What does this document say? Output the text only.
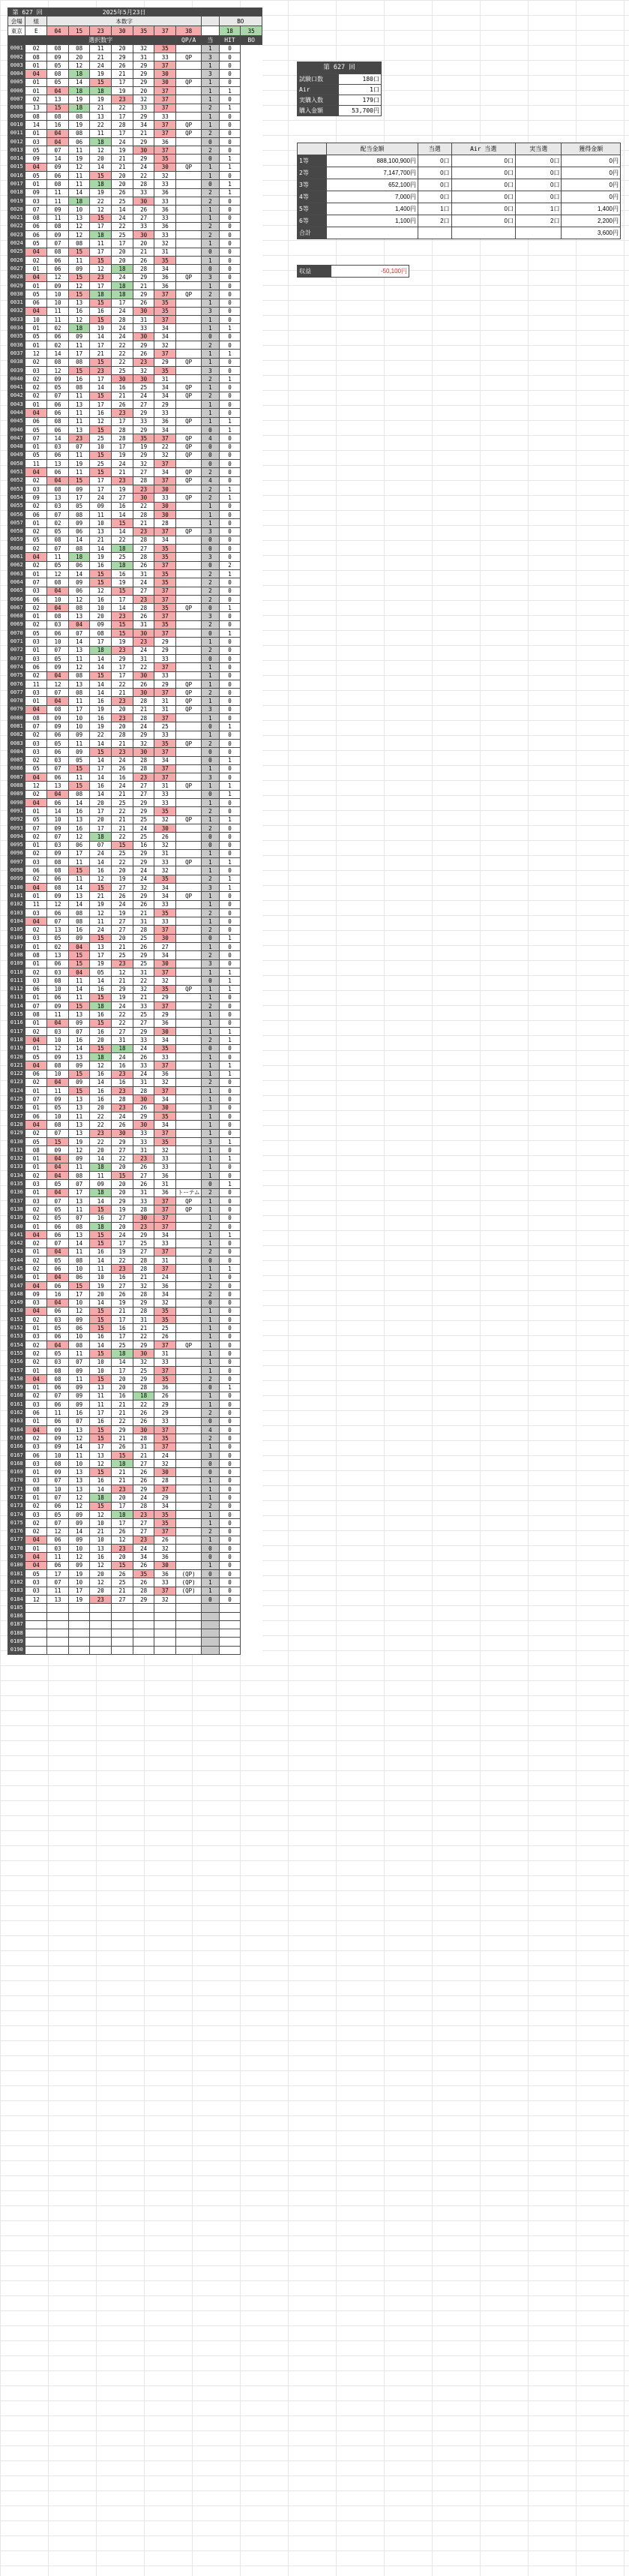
第 627 回		2025年5月23日									
会場	組	本数字								BO	
東京	E	04	15	23	30	35	37	38		18	35
	選択数字							QP/A	当	HIT	BO
0001	02	08	08	11	20	32	35		1	0	
0002	08	09	20	21	29	31	33	QP	3	0	
0003	01	05	12	24	26	29	37		1	0	
0004	04	08	18	19	21	29	30		3	0	
0005	01	05	14	15	17	29	30	QP	1	0	
0006	01	04	18	18	19	20	37		1	1	
0007	02	13	19	19	23	32	37		1	0	
0008	13	15	18	21	22	33	37		2	1	
0009	08	08	08	13	17	29	33		1	0	
0010	14	16	19	22	28	34	37	QP	1	0	
0011	01	04	08	11	17	21	37	QP	2	0	
0012	03	04	06	18	24	29	36		0	0	
0013	05	07	11	12	19	30	37		2	0	
0014	09	14	19	20	21	29	35		0	1	
0015	04	09	12	14	21	24	30	QP	1	1	
0016	05	06	11	15	20	22	32		1	0	
0017	01	08	11	18	20	28	33		0	1	
0018	09	11	14	19	26	33	36		2	1	
0019	03	11	18	22	25	30	33		2	0	
0020	07	09	10	12	14	26	36		1	0	
0021	08	11	13	15	24	27	33		1	0	
0022	06	08	12	17	22	33	36		2	0	
0023	06	09	12	18	25	30	33		2	0	
0024	05	07	08	11	17	20	32		1	0	
0025	04	08	15	17	20	21	31		0	0	
0026	02	06	11	15	20	26	35		1	0	
0027	01	06	09	12	18	28	34		0	0	
0028	04	12	15	23	24	29	36	QP	3	0	
0029	01	09	12	17	18	21	36		1	0	
0030	05	10	15	18	18	29	37	QP	2	0	
0031	06	10	13	15	17	26	35		1	0	
0032	04	11	16	16	24	30	35		3	0	
0033	10	11	12	15	28	31	37		1	0	
0034	01	02	18	19	24	33	34		1	1	
0035	05	06	09	14	24	30	34		0	0	
0036	01	02	11	17	22	29	32		2	0	
0037	12	14	17	21	22	26	37		1	1	
0038	02	08	08	15	22	23	29	QP	1	0	
0039	03	12	15	23	25	32	35		3	0	
0040	02	09	16	17	30	30	31		2	1	
0041	02	05	08	14	16	25	34	QP	1	0	
0042	02	07	11	15	21	24	34	QP	2	0	
0043	01	06	13	17	26	27	29		1	0	
0044	04	06	11	16	23	29	33		1	0	
0045	06	08	11	12	17	33	36	QP	1	1	
0046	05	06	13	15	28	29	34		0	1	
0047	07	14	23	25	28	35	37	QP	4	0	
0048	01	03	07	10	17	19	22	QP	0	0	
0049	05	06	11	15	19	29	32	QP	0	0	
0050	11	13	19	25	24	32	37		0	0	
0051	04	06	11	15	21	27	34	QP	2	0	
0052	02	04	15	17	23	28	37	QP	4	0	
0053	03	08	09	17	19	23	30		2	1	
0054	09	13	17	24	27	30	33	QP	2	1	
0055	02	03	05	09	16	22	30		1	0	
0056	06	07	08	11	14	28	30		1	0	
0057	01	02	09	10	15	21	28		1	0	
0058	02	05	06	13	14	23	37	QP	3	0	
0059	05	08	14	21	22	28	34		0	0	
0060	02	07	08	14	18	27	35		0	0	
0061	04	11	18	19	25	28	35		3	0	
0062	02	05	06	16	18	26	37		0	2	
0063	01	12	14	15	16	31	35		2	1	
0064	07	08	09	15	19	24	35		2	0	
0065	03	04	06	12	15	27	37		2	0	
0066	06	10	12	16	17	23	37		2	0	
0067	02	04	08	10	14	28	35	QP	0	1	
0068	01	08	13	20	23	26	37		3	0	
0069	02	03	04	09	15	31	35		2	0	
0070	05	06	07	08	15	30	37		0	1	
0071	03	10	14	17	19	23	29		1	0	
0072	01	07	13	18	23	24	29		2	0	
0073	03	05	11	14	29	31	33		0	0	
0074	06	09	12	14	17	22	37		1	0	
0075	02	04	08	15	17	30	33		1	0	
0076	11	12	13	14	22	26	29	QP	1	0	
0077	03	07	08	14	21	30	37	QP	2	0	
0078	01	04	11	16	23	28	31	QP	1	0	
0079	04	08	17	19	20	21	31	QP	3	0	
0080	08	09	10	16	23	28	37		1	0	
0081	07	09	10	19	20	24	25		0	1	
0082	02	06	09	22	28	29	33		1	0	
0083	03	05	11	14	21	32	35	QP	2	0	
0084	03	06	09	15	23	30	37		0	0	
0085	02	03	05	14	24	28	34		0	1	
0086	05	07	15	17	26	28	37		1	0	
0087	04	06	11	14	16	23	37		3	0	
0088	12	13	15	16	24	27	31	QP	1	1	
0089	02	04	08	14	21	27	33		0	1	
0090	04	06	14	20	25	29	33		1	0	
0091	01	14	16	17	22	29	35		2	0	
0092	05	10	13	20	21	25	32	QP	1	1	
0093	07	09	16	17	21	24	30		2	0	
0094	02	07	12	18	22	25	26		0	0	
0095	01	03	06	07	15	16	32		0	0	
0096	02	09	17	24	25	29	31		1	0	
0097	03	08	11	14	22	29	33	QP	1	1	
0098	06	08	15	16	20	24	32		1	0	
0099	02	06	11	12	19	24	35		2	1	
0100	04	08	14	15	27	32	34		3	1	
0101	01	09	13	21	26	29	34	QP	1	0	
0102	11	12	14	19	24	26	33		1	0	
0103	03	06	08	12	19	21	35		2	0	
0104	04	07	08	11	27	31	33		1	0	
0105	02	13	16	24	27	28	37		2	0	
0106	03	05	09	15	20	25	30		0	1	
0107	01	02	04	13	21	26	27		1	0	
0108	08	13	15	17	25	29	34		2	0	
0109	01	06	15	19	23	25	30		3	0	
0110	02	03	04	05	12	31	37		1	1	
0111	03	08	11	14	21	22	32		0	1	
0112	06	10	14	16	29	32	35	QP	1	1	
0113	01	06	11	15	19	21	29		1	0	
0114	07	09	15	18	24	33	37		2	0	
0115	08	11	13	16	22	25	29		1	0	
0116	01	04	09	15	22	27	36		1	0	
0117	02	03	07	16	27	29	30		1	1	
0118	04	10	16	20	31	33	34		2	1	
0119	01	12	14	15	18	24	35		0	0	
0120	05	09	13	18	24	26	33		1	0	
0121	04	08	09	12	16	33	37		1	1	
0122	06	10	15	16	23	24	36		1	1	
0123	02	04	09	14	16	31	32		2	0	
0124	01	11	15	16	23	28	37		1	0	
0125	07	09	13	16	28	30	34		1	0	
0126	01	05	13	20	23	26	30		3	0	
0127	06	10	11	22	24	29	35		1	0	
0128	04	08	13	22	26	30	34		1	0	
0129	02	07	13	23	30	33	37		1	0	
0130	05	15	19	22	29	33	35		3	1	
0131	08	09	12	20	27	31	32		1	0	
0132	01	04	09	14	22	23	33		1	1	
0133	01	04	11	18	20	26	33		1	0	
0134	02	04	08	11	15	27	36		1	0	
0135	03	05	07	09	20	26	31		0	1	
0136	01	04	17	18	20	31	36	トーテム	2	0	
0137	03	07	13	14	29	33	37	QP	1	0	
0138	02	05	11	15	19	28	37	QP	1	0	
0139	02	05	07	16	27	30	37		1	0	
0140	01	06	08	18	20	23	37		2	0	
0141	04	06	13	15	24	29	34		1	1	
0142	02	07	14	15	17	25	33		1	0	
0143	01	04	11	16	19	27	37		2	0	
0144	02	05	08	14	22	28	31		0	0	
0145	02	06	10	11	23	28	37		1	1	
0146	01	04	06	10	16	21	24		1	0	
0147	04	06	15	19	27	32	36		2	0	
0148	09	16	17	20	26	28	34		2	0	
0149	03	04	10	14	19	29	32		0	0	
0150	04	06	12	15	21	28	35		1	0	
0151	02	03	09	15	17	31	35		1	0	
0152	01	05	06	15	16	21	25		1	0	
0153	03	06	10	16	17	22	26		1	0	
0154	02	04	08	14	25	29	37	QP	1	0	
0155	02	05	11	15	18	30	31		1	0	
0156	02	03	07	10	14	32	33		1	0	
0157	01	08	09	10	17	25	37		1	0	
0158	04	08	11	15	20	29	35		2	0	
0159	01	06	09	13	20	28	36		0	1	
0160	02	07	09	11	16	18	26		1	0	
0161	03	06	09	11	21	22	29		1	0	
0162	06	11	16	17	21	26	29		2	0	
0163	01	06	07	16	22	26	33		0	0	
0164	04	09	13	15	29	30	37		4	0	
0165	02	09	12	15	21	28	35		2	0	
0166	03	09	14	17	26	31	37		1	0	
0167	06	10	11	13	15	21	24		3	0	
0168	03	08	10	12	18	27	32		0	0	
0169	01	09	13	15	21	26	30		0	0	
0170	03	07	13	16	21	26	28		1	0	
0171	08	10	13	14	23	29	37		1	0	
0172	01	07	12	18	20	24	29		1	0	
0173	02	06	12	15	17	28	34		2	0	
0174	03	05	09	12	18	23	35		1	0	
0175	02	07	09	10	17	27	35		1	0	
0176	02	12	14	21	26	27	37		2	0	
0177	04	06	09	10	12	23	26		1	0	
0178	01	03	10	13	23	24	32		0	0	
0179	04	11	12	16	20	34	36		0	0	
0180	04	06	09	12	15	26	30		1	0	
0181	05	17	19	20	26	35	36	(QP)	0	0	
0182	03	07	10	12	25	26	33	(QP)	1	0	
0183	03	11	17	20	21	28	37	(QP)	1	0	
0184	12	13	19	23	27	29	32		0	0	
0185											
0186											
0187											
0188											
0189											
0190											
第 627 回
試験口数	180口
Air	1口
実購入数	179口
購入金額	53,700円
	配当金額	当選	Air 当選	実当選	獲得金額
1等	888,100,900円	0口	0口	0口	0円
2等	7,147,700円	0口	0口	0口	0円
3等	652,100円	0口	0口	0口	0円
4等	7,000円	0口	0口	0口	0円
5等	1,400円	1口	0口	1口	1,400円
6等	1,100円	2口	0口	2口	2,200円
合計					3,600円
収益	-50,100円
